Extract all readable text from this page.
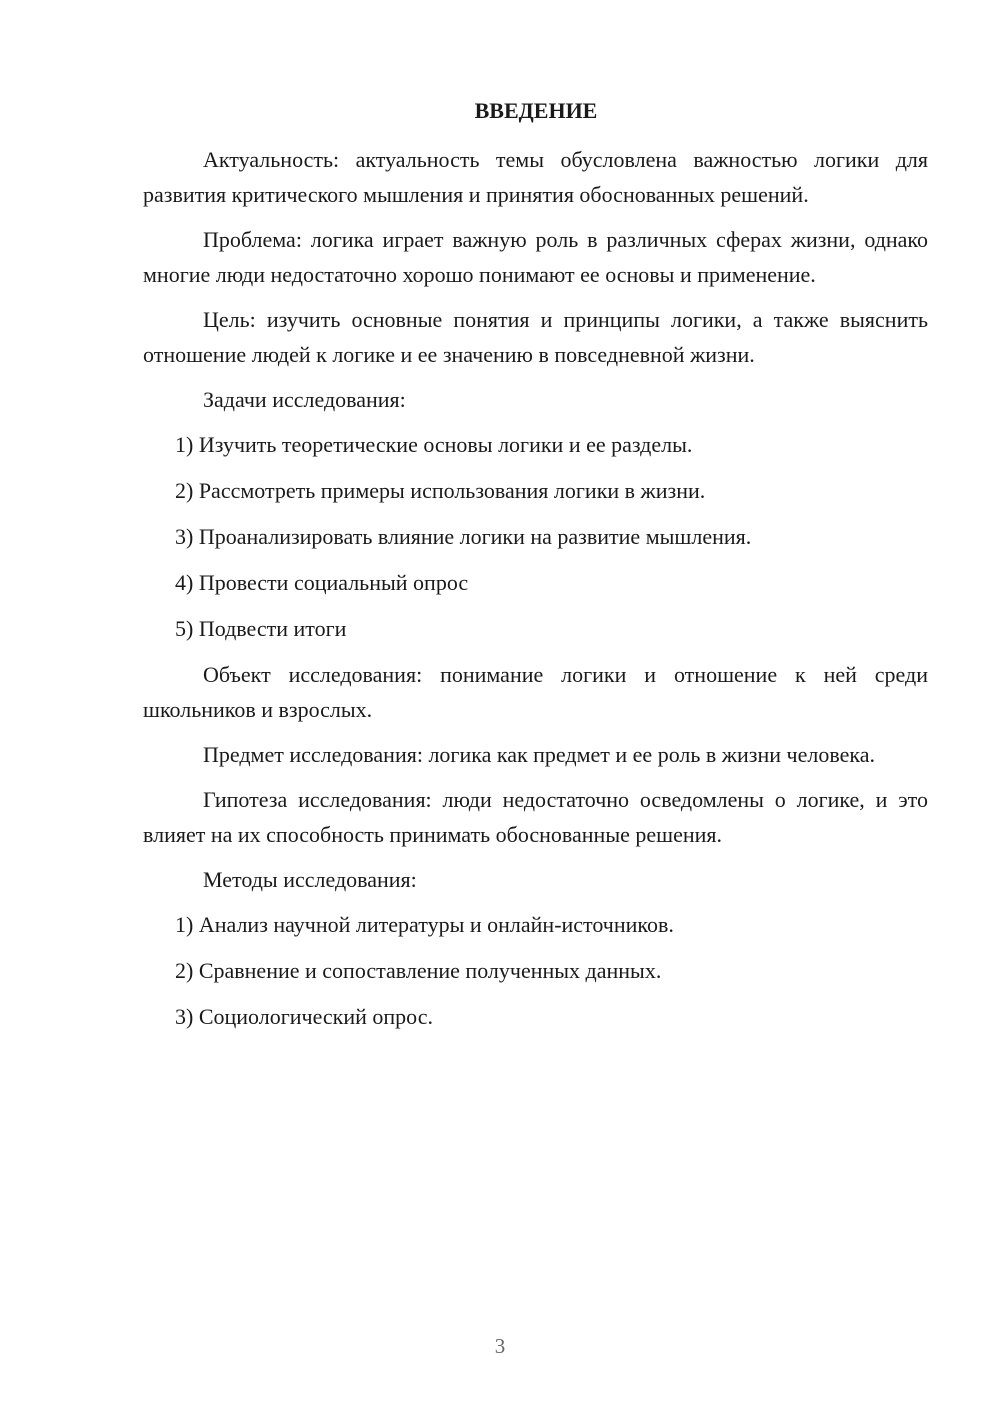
ВВЕДЕНИЕ

Актуальность: актуальность темы обусловлена важностью логики для развития критического мышления и принятия обоснованных решений.

Проблема: логика играет важную роль в различных сферах жизни, однако многие люди недостаточно хорошо понимают ее основы и применение.

Цель: изучить основные понятия и принципы логики, а также выяснить отношение людей к логике и ее значению в повседневной жизни.

Задачи исследования:

1) Изучить теоретические основы логики и ее разделы.

2) Рассмотреть примеры использования логики в жизни.

3) Проанализировать влияние логики на развитие мышления.

4) Провести социальный опрос

5) Подвести итоги

Объект исследования: понимание логики и отношение к ней среди школьников и взрослых.

Предмет исследования: логика как предмет и ее роль в жизни человека.

Гипотеза исследования: люди недостаточно осведомлены о логике, и это влияет на их способность принимать обоснованные решения.

Методы исследования:

1) Анализ научной литературы и онлайн-источников.

2) Сравнение и сопоставление полученных данных.

3) Социологический опрос.

3
